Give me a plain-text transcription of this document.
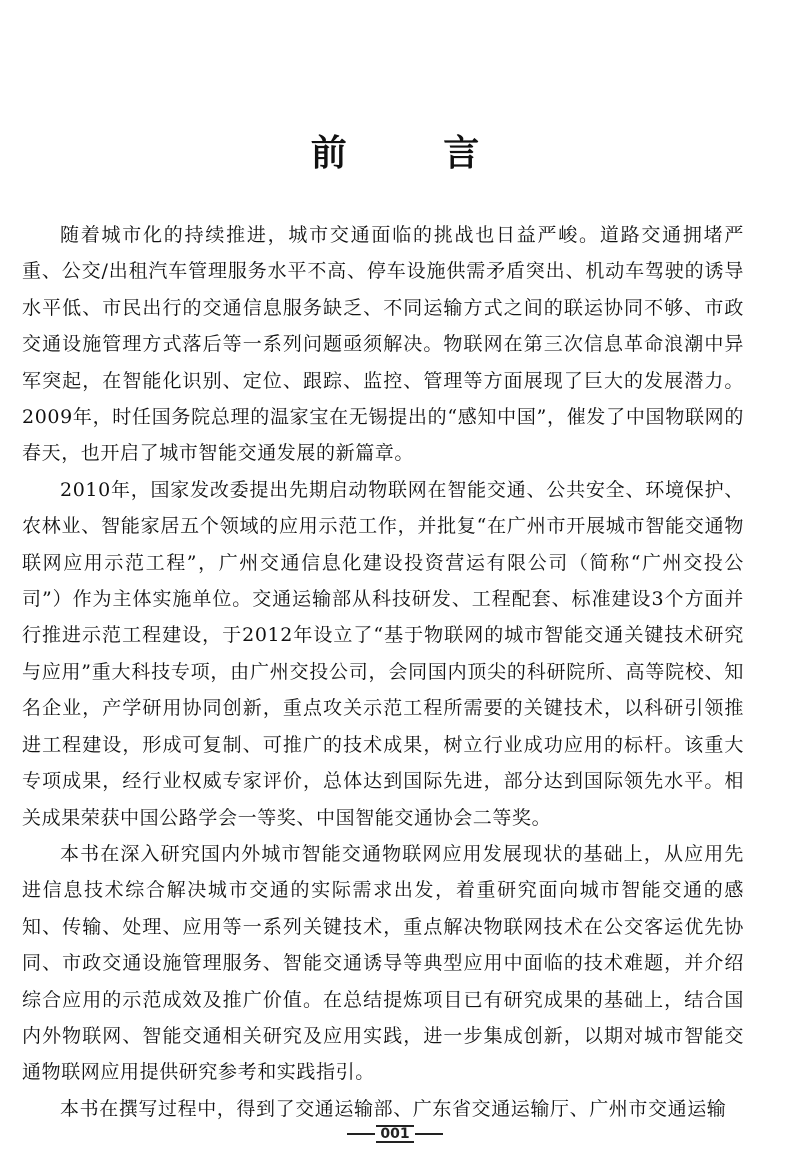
前 言

随着城市化的持续推进，城市交通面临的挑战也日益严峻。道路交通拥堵严重、公交/出租汽车管理服务水平不高、停车设施供需矛盾突出、机动车驾驶的诱导水平低、市民出行的交通信息服务缺乏、不同运输方式之间的联运协同不够、市政交通设施管理方式落后等一系列问题亟须解决。物联网在第三次信息革命浪潮中异军突起，在智能化识别、定位、跟踪、监控、管理等方面展现了巨大的发展潜力。2009年，时任国务院总理的温家宝在无锡提出的“感知中国”，催发了中国物联网的春天，也开启了城市智能交通发展的新篇章。

2010年，国家发改委提出先期启动物联网在智能交通、公共安全、环境保护、农林业、智能家居五个领域的应用示范工作，并批复“在广州市开展城市智能交通物联网应用示范工程”，广州交通信息化建设投资营运有限公司（简称“广州交投公司”）作为主体实施单位。交通运输部从科技研发、工程配套、标准建设3个方面并行推进示范工程建设，于2012年设立了“基于物联网的城市智能交通关键技术研究与应用”重大科技专项，由广州交投公司，会同国内顶尖的科研院所、高等院校、知名企业，产学研用协同创新，重点攻关示范工程所需要的关键技术，以科研引领推进工程建设，形成可复制、可推广的技术成果，树立行业成功应用的标杆。该重大专项成果，经行业权威专家评价，总体达到国际先进，部分达到国际领先水平。相关成果荣获中国公路学会一等奖、中国智能交通协会二等奖。

本书在深入研究国内外城市智能交通物联网应用发展现状的基础上，从应用先进信息技术综合解决城市交通的实际需求出发，着重研究面向城市智能交通的感知、传输、处理、应用等一系列关键技术，重点解决物联网技术在公交客运优先协同、市政交通设施管理服务、智能交通诱导等典型应用中面临的技术难题，并介绍综合应用的示范成效及推广价值。在总结提炼项目已有研究成果的基础上，结合国内外物联网、智能交通相关研究及应用实践，进一步集成创新，以期对城市智能交通物联网应用提供研究参考和实践指引。

本书在撰写过程中，得到了交通运输部、广东省交通运输厅、广州市交通运输

001
